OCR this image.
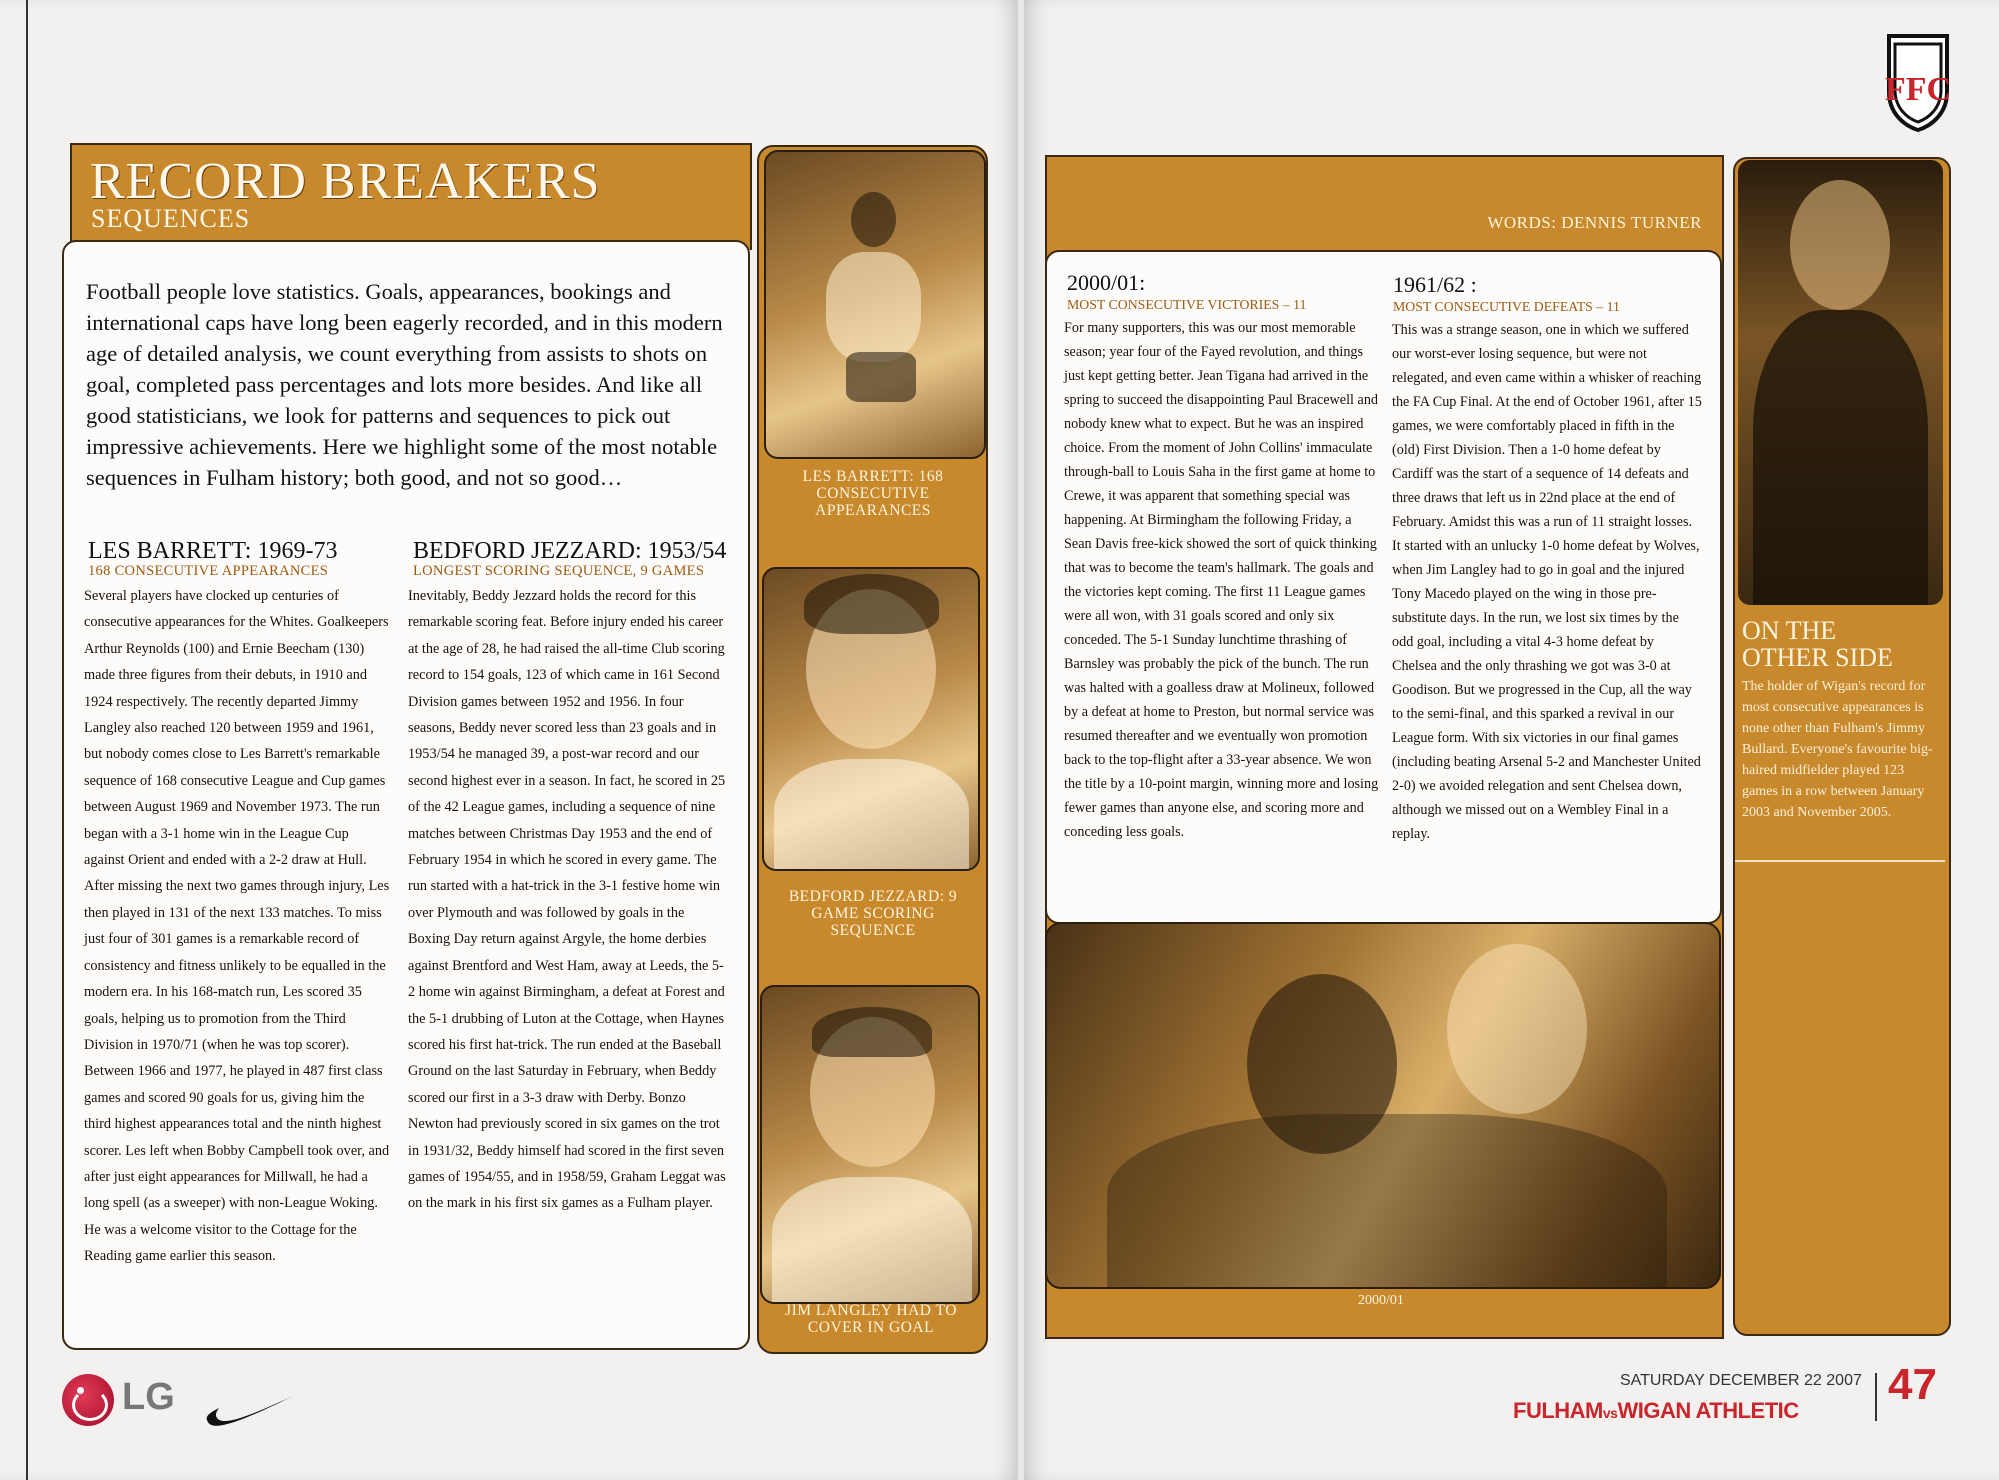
RECORD BREAKERS
SEQUENCES
Football people love statistics. Goals, appearances, bookings and international caps have long been eagerly recorded, and in this modern age of detailed analysis, we count everything from assists to shots on goal, completed pass percentages and lots more besides. And like all good statisticians, we look for patterns and sequences to pick out impressive achievements. Here we highlight some of the most notable sequences in Fulham history; both good, and not so good…
LES BARRETT: 1969-73
168 CONSECUTIVE APPEARANCES
Several players have clocked up centuries of consecutive appearances for the Whites. Goalkeepers Arthur Reynolds (100) and Ernie Beecham (130) made three figures from their debuts, in 1910 and 1924 respectively. The recently departed Jimmy Langley also reached 120 between 1959 and 1961, but nobody comes close to Les Barrett's remarkable sequence of 168 consecutive League and Cup games between August 1969 and November 1973. The run began with a 3-1 home win in the League Cup against Orient and ended with a 2-2 draw at Hull. After missing the next two games through injury, Les then played in 131 of the next 133 matches. To miss just four of 301 games is a remarkable record of consistency and fitness unlikely to be equalled in the modern era. In his 168-match run, Les scored 35 goals, helping us to promotion from the Third Division in 1970/71 (when he was top scorer). Between 1966 and 1977, he played in 487 first class games and scored 90 goals for us, giving him the third highest appearances total and the ninth highest scorer. Les left when Bobby Campbell took over, and after just eight appearances for Millwall, he had a long spell (as a sweeper) with non-League Woking. He was a welcome visitor to the Cottage for the Reading game earlier this season.
BEDFORD JEZZARD: 1953/54
LONGEST SCORING SEQUENCE, 9 GAMES
Inevitably, Beddy Jezzard holds the record for this remarkable scoring feat. Before injury ended his career at the age of 28, he had raised the all-time Club scoring record to 154 goals, 123 of which came in 161 Second Division games between 1952 and 1956. In four seasons, Beddy never scored less than 23 goals and in 1953/54 he managed 39, a post-war record and our second highest ever in a season. In fact, he scored in 25 of the 42 League games, including a sequence of nine matches between Christmas Day 1953 and the end of February 1954 in which he scored in every game. The run started with a hat-trick in the 3-1 festive home win over Plymouth and was followed by goals in the Boxing Day return against Argyle, the home derbies against Brentford and West Ham, away at Leeds, the 5-2 home win against Birmingham, a defeat at Forest and the 5-1 drubbing of Luton at the Cottage, when Haynes scored his first hat-trick. The run ended at the Baseball Ground on the last Saturday in February, when Beddy scored our first in a 3-3 draw with Derby. Bonzo Newton had previously scored in six games on the trot in 1931/32, Beddy himself had scored in the first seven games of 1954/55, and in 1958/59, Graham Leggat was on the mark in his first six games as a Fulham player.
LES BARRETT: 168 CONSECUTIVE APPEARANCES
BEDFORD JEZZARD: 9 GAME SCORING SEQUENCE
JIM LANGLEY HAD TO COVER IN GOAL
LG
FFC
WORDS: DENNIS TURNER
2000/01:
MOST CONSECUTIVE VICTORIES – 11
For many supporters, this was our most memorable season; year four of the Fayed revolution, and things just kept getting better. Jean Tigana had arrived in the spring to succeed the disappointing Paul Bracewell and nobody knew what to expect. But he was an inspired choice. From the moment of John Collins' immaculate through-ball to Louis Saha in the first game at home to Crewe, it was apparent that something special was happening. At Birmingham the following Friday, a Sean Davis free-kick showed the sort of quick thinking that was to become the team's hallmark. The goals and the victories kept coming. The first 11 League games were all won, with 31 goals scored and only six conceded. The 5-1 Sunday lunchtime thrashing of Barnsley was probably the pick of the bunch. The run was halted with a goalless draw at Molineux, followed by a defeat at home to Preston, but normal service was resumed thereafter and we eventually won promotion back to the top-flight after a 33-year absence. We won the title by a 10-point margin, winning more and losing fewer games than anyone else, and scoring more and conceding less goals.
1961/62 :
MOST CONSECUTIVE DEFEATS – 11
This was a strange season, one in which we suffered our worst-ever losing sequence, but were not relegated, and even came within a whisker of reaching the FA Cup Final. At the end of October 1961, after 15 games, we were comfortably placed in fifth in the (old) First Division. Then a 1-0 home defeat by Cardiff was the start of a sequence of 14 defeats and three draws that left us in 22nd place at the end of February. Amidst this was a run of 11 straight losses. It started with an unlucky 1-0 home defeat by Wolves, when Jim Langley had to go in goal and the injured Tony Macedo played on the wing in those pre-substitute days. In the run, we lost six times by the odd goal, including a vital 4-3 home defeat by Chelsea and the only thrashing we got was 3-0 at Goodison. But we progressed in the Cup, all the way to the semi-final, and this sparked a revival in our League form. With six victories in our final games (including beating Arsenal 5-2 and Manchester United 2-0) we avoided relegation and sent Chelsea down, although we missed out on a Wembley Final in a replay.
2000/01
ON THE
OTHER SIDE
The holder of Wigan's record for most consecutive appearances is none other than Fulham's Jimmy Bullard. Everyone's favourite big-haired midfielder played 123 games in a row between January 2003 and November 2005.
SATURDAY DECEMBER 22 2007
FULHAMvsWIGAN ATHLETIC
47
